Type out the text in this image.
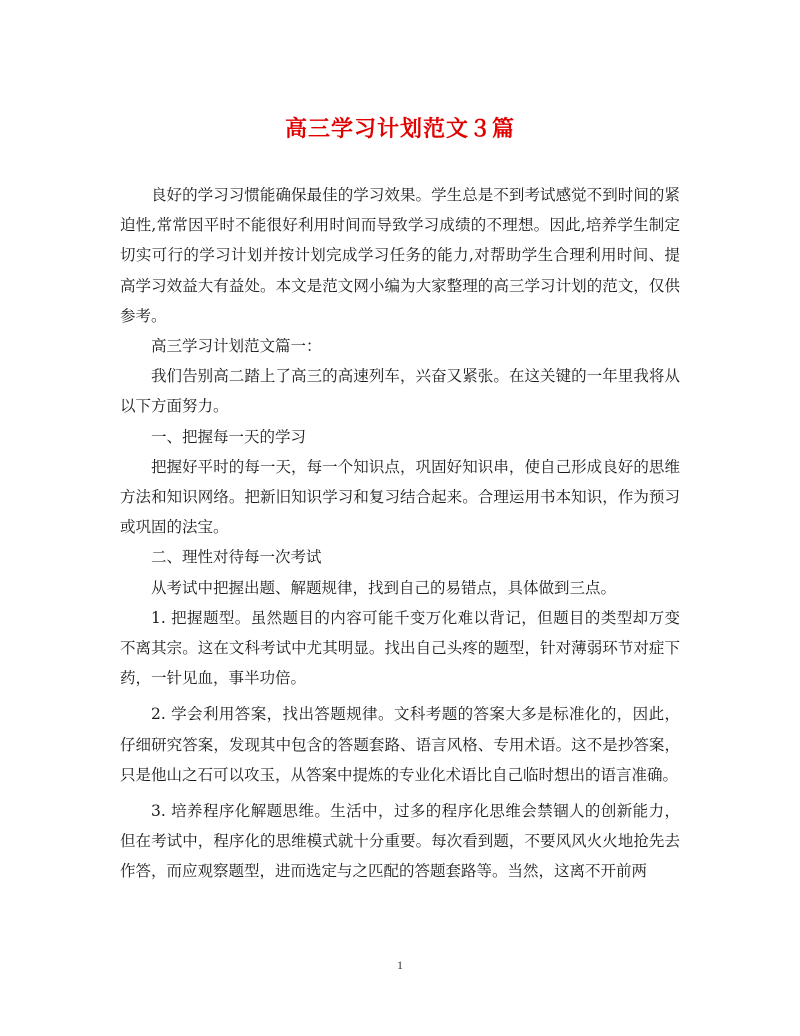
高三学习计划范文３篇

良好的学习习惯能确保最佳的学习效果。学生总是不到考试感觉不到时间的紧迫性,常常因平时不能很好利用时间而导致学习成绩的不理想。因此,培养学生制定切实可行的学习计划并按计划完成学习任务的能力,对帮助学生合理利用时间、提高学习效益大有益处。本文是范文网小编为大家整理的高三学习计划的范文，仅供参考。

高三学习计划范文篇一：

我们告别高二踏上了高三的高速列车，兴奋又紧张。在这关键的一年里我将从以下方面努力。

一、把握每一天的学习

把握好平时的每一天，每一个知识点，巩固好知识串，使自己形成良好的思维方法和知识网络。把新旧知识学习和复习结合起来。合理运用书本知识，作为预习或巩固的法宝。

二、理性对待每一次考试

从考试中把握出题、解题规律，找到自己的易错点，具体做到三点。

1. 把握题型。虽然题目的内容可能千变万化难以背记，但题目的类型却万变不离其宗。这在文科考试中尤其明显。找出自己头疼的题型，针对薄弱环节对症下药，一针见血，事半功倍。

2. 学会利用答案，找出答题规律。文科考题的答案大多是标准化的，因此，仔细研究答案，发现其中包含的答题套路、语言风格、专用术语。这不是抄答案，只是他山之石可以攻玉，从答案中提炼的专业化术语比自己临时想出的语言准确。

3. 培养程序化解题思维。生活中，过多的程序化思维会禁锢人的创新能力，但在考试中，程序化的思维模式就十分重要。每次看到题，不要风风火火地抢先去作答，而应观察题型，进而选定与之匹配的答题套路等。当然，这离不开前两

1
